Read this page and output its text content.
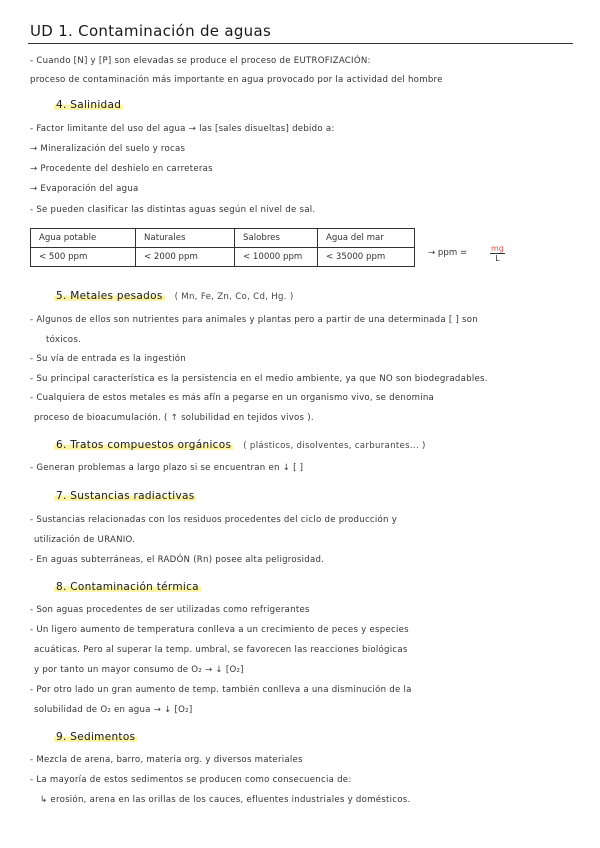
UD 1. Contaminación de aguas
- Cuando [N] y [P] son elevadas se produce el proceso de EUTROFIZACIÓN:
proceso de contaminación más importante en agua provocado por la actividad del hombre
4. Salinidad
- Factor limitante del uso del agua → las [sales disueltas] debido a:
→ Mineralización del suelo y rocas
→ Procedente del deshielo en carreteras
→ Evaporación del agua
- Se pueden clasificar las distintas aguas según el nivel de sal.
Agua potable	Naturales	Salobres	Agua del mar
< 500 ppm	< 2000 ppm	< 10000 ppm	< 35000 ppm	→ ppm =	$\frac{mg}{L}$
5. Metales pesados ( Mn, Fe, Zn, Co, Cd, Hg. )
- Algunos de ellos son nutrientes para animales y plantas pero a partir de una determinada [ ] son
tóxicos.
- Su vía de entrada es la ingestión
- Su principal característica es la persistencia en el medio ambiente, ya que NO son biodegradables.
- Cualquiera de estos metales es más afín a pegarse en un organismo vivo, se denomina
proceso de bioacumulación. ( ↑ solubilidad en tejidos vivos ).
6. Tratos compuestos orgánicos ( plásticos, disolventes, carburantes... )
- Generan problemas a largo plazo si se encuentran en ↓ [ ]
7. Sustancias radiactivas
- Sustancias relacionadas con los residuos procedentes del ciclo de producción y
utilización de URANIO.
- En aguas subterráneas, el RADÓN (Rn) posee alta peligrosidad.
8. Contaminación térmica
- Son aguas procedentes de ser utilizadas como refrigerantes
- Un ligero aumento de temperatura conlleva a un crecimiento de peces y especies
acuáticas. Pero al superar la temp. umbral, se favorecen las reacciones biológicas
y por tanto un mayor consumo de O₂ → ↓ [O₂]
- Por otro lado un gran aumento de temp. también conlleva a una disminución de la
solubilidad de O₂ en agua → ↓ [O₂]
9. Sedimentos
- Mezcla de arena, barro, materia org. y diversos materiales
- La mayoría de estos sedimentos se producen como consecuencia de:
↳ erosión, arena en las orillas de los cauces, efluentes industriales y domésticos.
